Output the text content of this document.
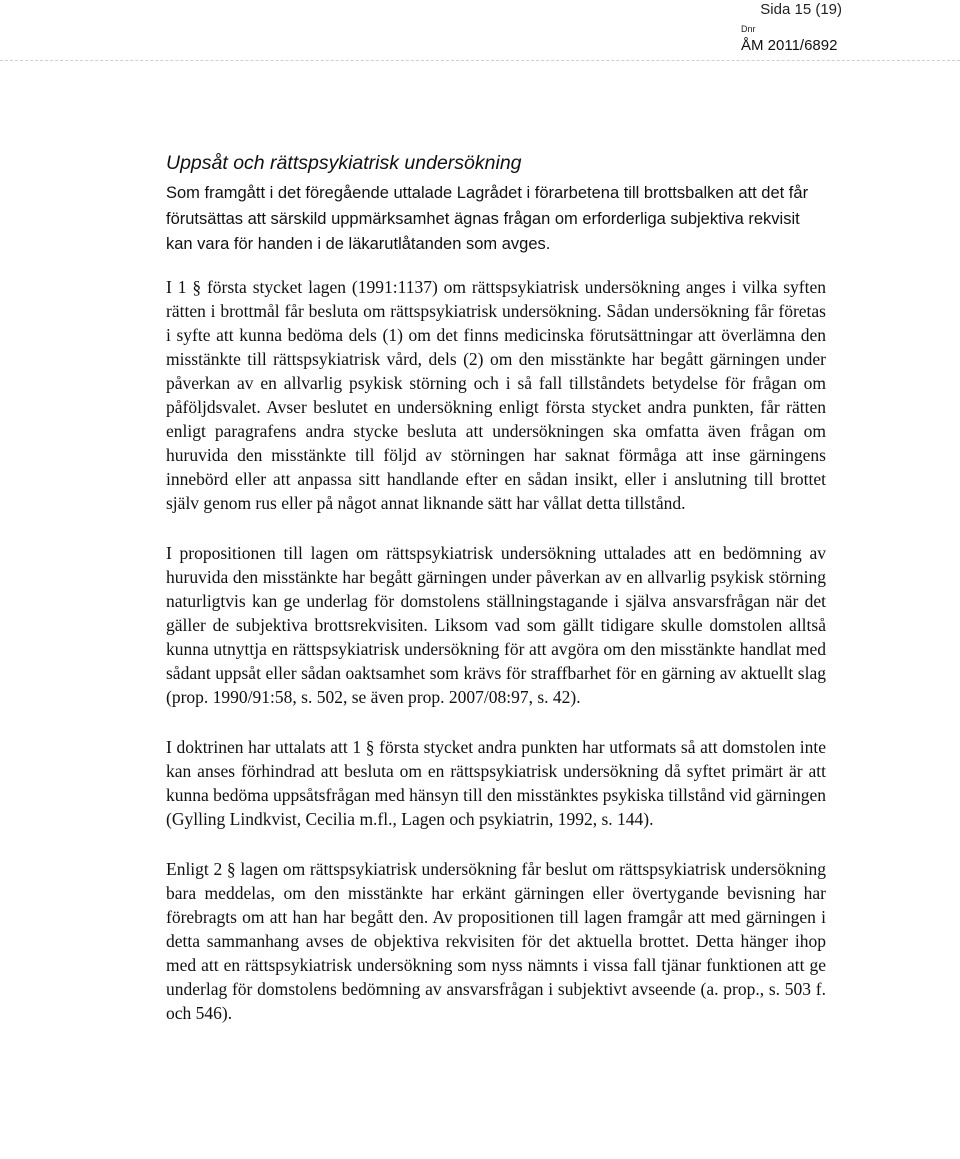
Sida 15 (19)
Dnr
ÅM 2011/6892
Uppsåt och rättspsykiatrisk undersökning

Som framgått i det föregående uttalade Lagrådet i förarbetena till brottsbalken att det får förutsättas att särskild uppmärksamhet ägnas frågan om erforderliga subjektiva rekvisit kan vara för handen i de läkarutlåtanden som avges.

I 1 § första stycket lagen (1991:1137) om rättspsykiatrisk undersökning anges i vilka syften rätten i brottmål får besluta om rättspsykiatrisk undersökning. Sådan undersökning får företas i syfte att kunna bedöma dels (1) om det finns medicinska förutsättningar att överlämna den misstänkte till rättspsykiatrisk vård, dels (2) om den misstänkte har begått gärningen under påverkan av en allvarlig psykisk störning och i så fall tillståndets betydelse för frågan om påföljdsvalet. Avser beslutet en undersökning enligt första stycket andra punkten, får rätten enligt paragrafens andra stycke besluta att undersökningen ska omfatta även frågan om huruvida den misstänkte till följd av störningen har saknat förmåga att inse gärningens innebörd eller att anpassa sitt handlande efter en sådan insikt, eller i anslutning till brottet själv genom rus eller på något annat liknande sätt har vållat detta tillstånd.

I propositionen till lagen om rättspsykiatrisk undersökning uttalades att en bedömning av huruvida den misstänkte har begått gärningen under påverkan av en allvarlig psykisk störning naturligtvis kan ge underlag för domstolens ställningstagande i själva ansvarsfrågan när det gäller de subjektiva brottsrekvisiten. Liksom vad som gällt tidigare skulle domstolen alltså kunna utnyttja en rättspsykiatrisk undersökning för att avgöra om den misstänkte handlat med sådant uppsåt eller sådan oaktsamhet som krävs för straffbarhet för en gärning av aktuellt slag (prop. 1990/91:58, s. 502, se även prop. 2007/08:97, s. 42).

I doktrinen har uttalats att 1 § första stycket andra punkten har utformats så att domstolen inte kan anses förhindrad att besluta om en rättspsykiatrisk undersökning då syftet primärt är att kunna bedöma uppsåtsfrågan med hänsyn till den misstänktes psykiska tillstånd vid gärningen (Gylling Lindkvist, Cecilia m.fl., Lagen och psykiatrin, 1992, s. 144).

Enligt 2 § lagen om rättspsykiatrisk undersökning får beslut om rättspsykiatrisk undersökning bara meddelas, om den misstänkte har erkänt gärningen eller övertygande bevisning har förebragts om att han har begått den. Av propositionen till lagen framgår att med gärningen i detta sammanhang avses de objektiva rekvisiten för det aktuella brottet. Detta hänger ihop med att en rättspsykiatrisk undersökning som nyss nämnts i vissa fall tjänar funktionen att ge underlag för domstolens bedömning av ansvarsfrågan i subjektivt avseende (a. prop., s. 503 f. och 546).
